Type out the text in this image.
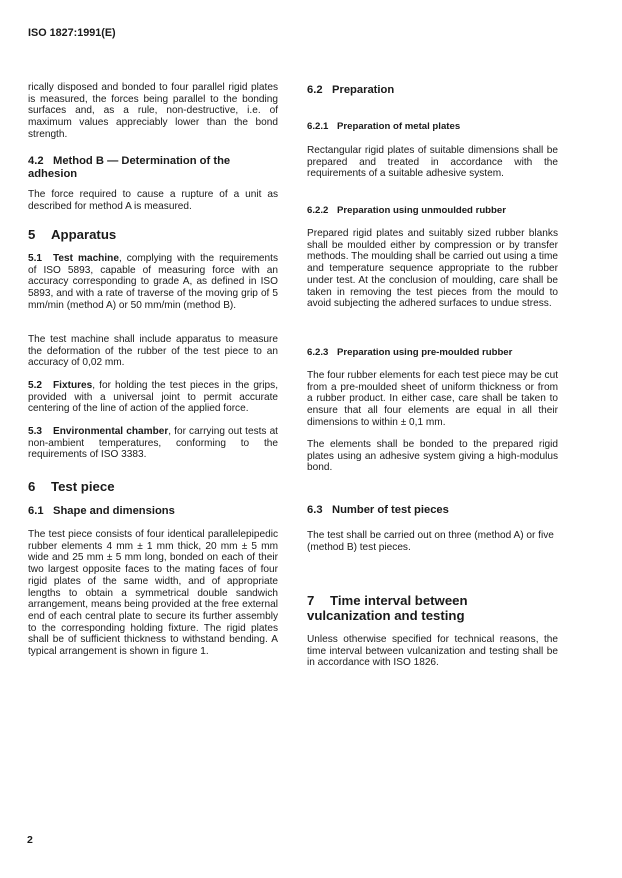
ISO 1827:1991(E)

rically disposed and bonded to four parallel rigid plates is measured, the forces being parallel to the bonding surfaces and, as a rule, non-destructive, i.e. of maximum values appreciably lower than the bond strength.

4.2 Method B — Determination of the adhesion

The force required to cause a rupture of a unit as described for method A is measured.

5 Apparatus

5.1 Test machine, complying with the requirements of ISO 5893, capable of measuring force with an accuracy corresponding to grade A, as defined in ISO 5893, and with a rate of traverse of the moving grip of 5 mm/min (method A) or 50 mm/min (method B).

The test machine shall include apparatus to measure the deformation of the rubber of the test piece to an accuracy of 0,02 mm.

5.2 Fixtures, for holding the test pieces in the grips, provided with a universal joint to permit accurate centering of the line of action of the applied force.

5.3 Environmental chamber, for carrying out tests at non-ambient temperatures, conforming to the requirements of ISO 3383.

6 Test piece
6.1 Shape and dimensions

The test piece consists of four identical parallelepipedic rubber elements 4 mm ± 1 mm thick, 20 mm ± 5 mm wide and 25 mm ± 5 mm long, bonded on each of their two largest opposite faces to the mating faces of four rigid plates of the same width, and of appropriate lengths to obtain a symmetrical double sandwich arrangement, means being provided at the free external end of each central plate to secure its further assembly to the corresponding holding fixture. The rigid plates shall be of sufficient thickness to withstand bending. A typical arrangement is shown in figure 1.

6.2 Preparation
6.2.1 Preparation of metal plates

Rectangular rigid plates of suitable dimensions shall be prepared and treated in accordance with the requirements of a suitable adhesive system.

6.2.2 Preparation using unmoulded rubber

Prepared rigid plates and suitably sized rubber blanks shall be moulded either by compression or by transfer methods. The moulding shall be carried out using a time and temperature sequence appropriate to the rubber under test. At the conclusion of moulding, care shall be taken in removing the test pieces from the mould to avoid subjecting the adhered surfaces to undue stress.

6.2.3 Preparation using pre-moulded rubber

The four rubber elements for each test piece may be cut from a pre-moulded sheet of uniform thickness or from a rubber product. In either case, care shall be taken to ensure that all four elements are equal in all their dimensions to within ± 0,1 mm.

The elements shall be bonded to the prepared rigid plates using an adhesive system giving a high-modulus bond.

6.3 Number of test pieces

The test shall be carried out on three (method A) or five (method B) test pieces.

7 Time interval between vulcanization and testing

Unless otherwise specified for technical reasons, the time interval between vulcanization and testing shall be in accordance with ISO 1826.

2
